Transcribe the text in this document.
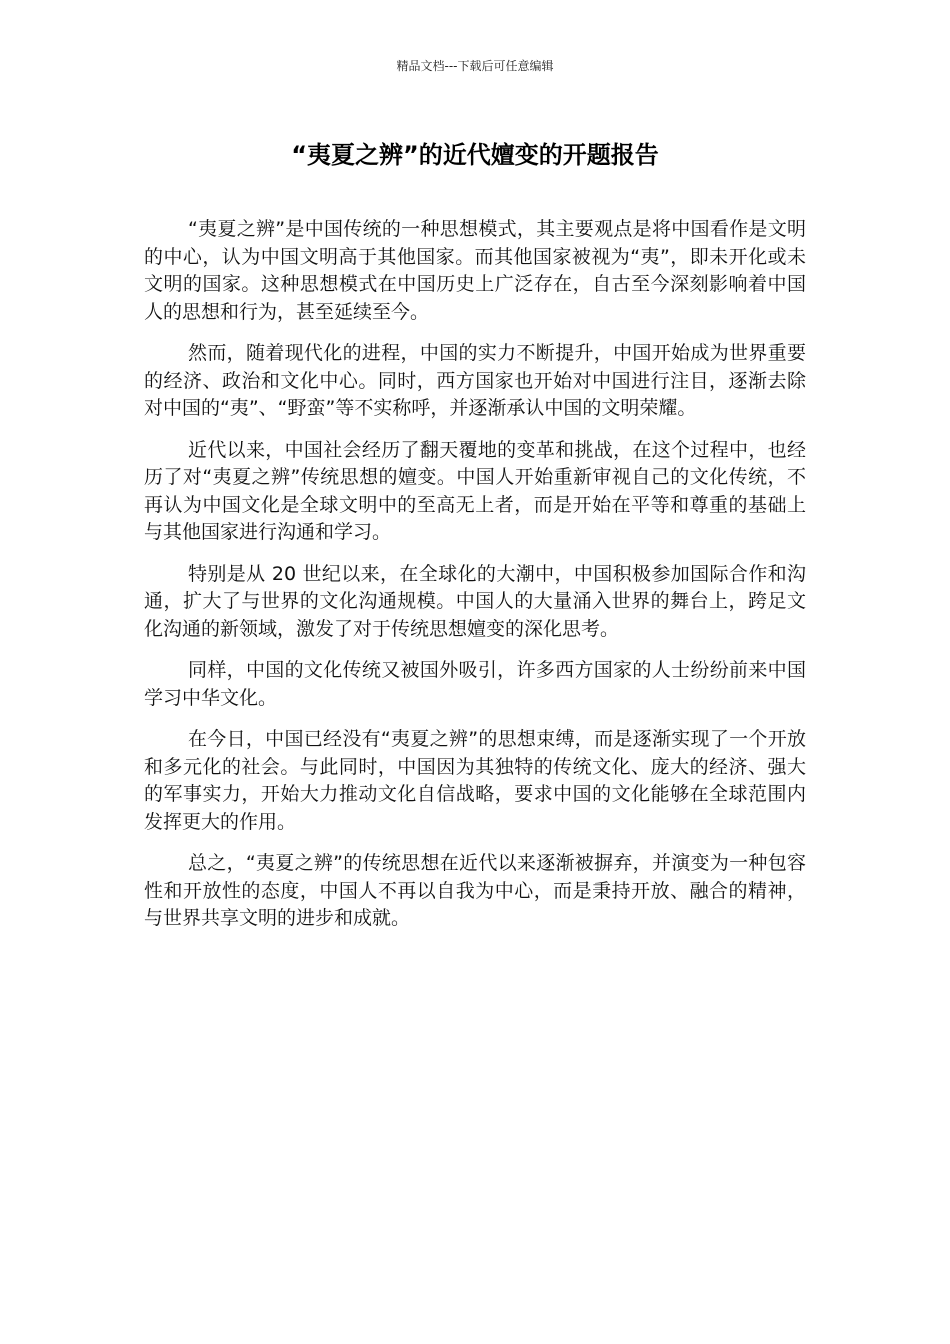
精品文档---下载后可任意编辑
“夷夏之辨”的近代嬗变的开题报告

“夷夏之辨”是中国传统的一种思想模式，其主要观点是将中国看作是文明的中心，认为中国文明高于其他国家。而其他国家被视为“夷”，即未开化或未文明的国家。这种思想模式在中国历史上广泛存在，自古至今深刻影响着中国人的思想和行为，甚至延续至今。

然而，随着现代化的进程，中国的实力不断提升，中国开始成为世界重要的经济、政治和文化中心。同时，西方国家也开始对中国进行注目，逐渐去除对中国的“夷”、“野蛮”等不实称呼，并逐渐承认中国的文明荣耀。

近代以来，中国社会经历了翻天覆地的变革和挑战，在这个过程中，也经历了对“夷夏之辨”传统思想的嬗变。中国人开始重新审视自己的文化传统，不再认为中国文化是全球文明中的至高无上者，而是开始在平等和尊重的基础上与其他国家进行沟通和学习。

特别是从 20 世纪以来，在全球化的大潮中，中国积极参加国际合作和沟通，扩大了与世界的文化沟通规模。中国人的大量涌入世界的舞台上，跨足文化沟通的新领域，激发了对于传统思想嬗变的深化思考。

同样，中国的文化传统又被国外吸引，许多西方国家的人士纷纷前来中国学习中华文化。

在今日，中国已经没有“夷夏之辨”的思想束缚，而是逐渐实现了一个开放和多元化的社会。与此同时，中国因为其独特的传统文化、庞大的经济、强大的军事实力，开始大力推动文化自信战略，要求中国的文化能够在全球范围内发挥更大的作用。

总之，“夷夏之辨”的传统思想在近代以来逐渐被摒弃，并演变为一种包容性和开放性的态度，中国人不再以自我为中心，而是秉持开放、融合的精神，与世界共享文明的进步和成就。
